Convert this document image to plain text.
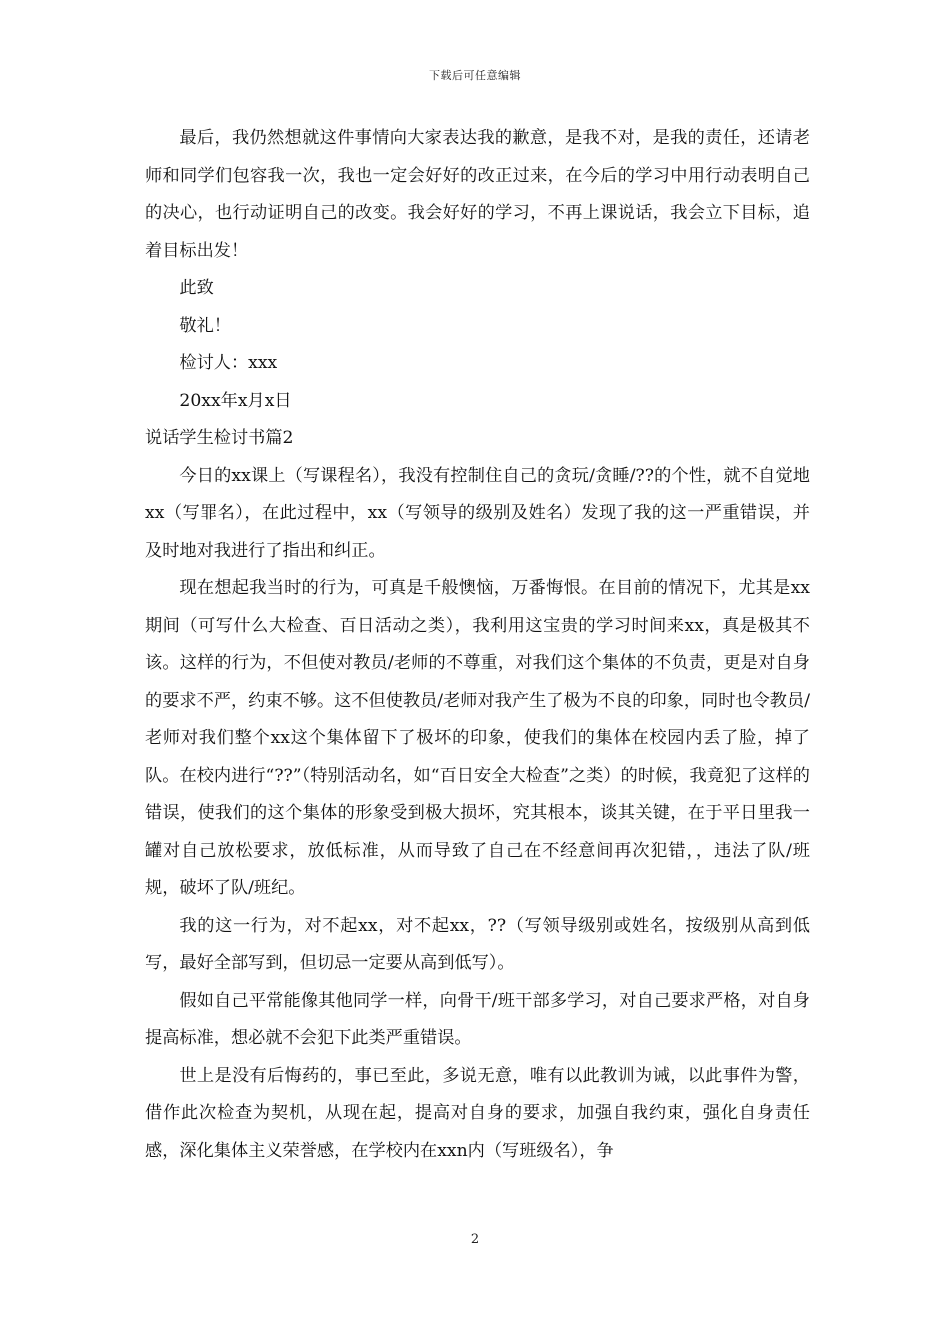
下载后可任意编辑

最后，我仍然想就这件事情向大家表达我的歉意，是我不对，是我的责任，还请老师和同学们包容我一次，我也一定会好好的改正过来，在今后的学习中用行动表明自己的决心，也行动证明自己的改变。我会好好的学习，不再上课说话，我会立下目标，追着目标出发！

此致

敬礼！

检讨人：xxx

20xx年x月x日

说话学生检讨书篇2

今日的xx课上（写课程名），我没有控制住自己的贪玩/贪睡/??的个性，就不自觉地xx（写罪名），在此过程中，xx（写领导的级别及姓名）发现了我的这一严重错误，并及时地对我进行了指出和纠正。

现在想起我当时的行为，可真是千般懊恼，万番悔恨。在目前的情况下，尤其是xx期间（可写什么大检查、百日活动之类），我利用这宝贵的学习时间来xx，真是极其不该。这样的行为，不但使对教员/老师的不尊重，对我们这个集体的不负责，更是对自身的要求不严，约束不够。这不但使教员/老师对我产生了极为不良的印象，同时也令教员/老师对我们整个xx这个集体留下了极坏的印象，使我们的集体在校园内丢了脸，掉了队。在校内进行“??”（特别活动名，如“百日安全大检查”之类）的时候，我竟犯了这样的错误，使我们的这个集体的形象受到极大损坏，究其根本，谈其关键，在于平日里我一罐对自己放松要求，放低标准，从而导致了自己在不经意间再次犯错，，违法了队/班规，破坏了队/班纪。

我的这一行为，对不起xx，对不起xx，??（写领导级别或姓名，按级别从高到低写，最好全部写到，但切忌一定要从高到低写）。

假如自己平常能像其他同学一样，向骨干/班干部多学习，对自己要求严格，对自身提高标准，想必就不会犯下此类严重错误。

世上是没有后悔药的，事已至此，多说无意，唯有以此教训为诫，以此事件为警，借作此次检查为契机，从现在起，提高对自身的要求，加强自我约束，强化自身责任感，深化集体主义荣誉感，在学校内在xxn内（写班级名），争

2
